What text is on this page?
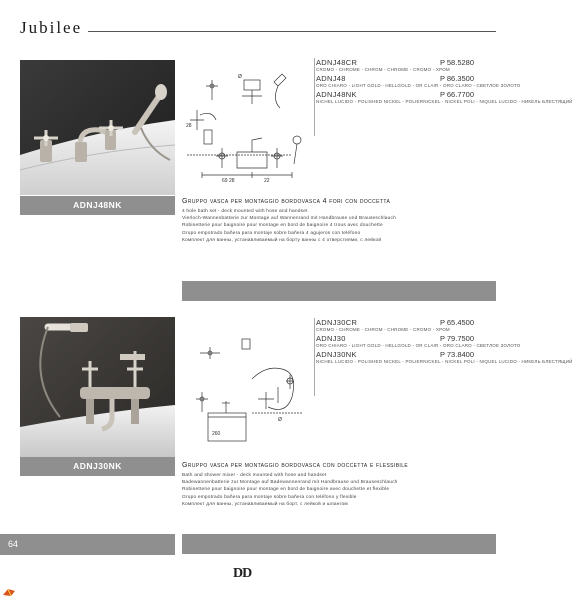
Jubilee
ADNJ48NK
Ø
28
69 28	22
ADNJ48CR	P 58.5280
CROMO - CHROME - CHROM - CHROME - CROMO - ХРОМ
ADNJ48	P 86.3500
ORO CHIARO - LIGHT GOLD - HELLGOLD - OR CLAIR - ORO CLARO - СВЕТЛОЕ ЗОЛОТО
ADNJ48NK	P 66.7700
NICHEL LUCIDO - POLISHED NICKEL - POLIERNICKEL - NICKEL POLI - NIQUEL LUCIDO - НИКЕЛЬ БЛЕСТЯЩИЙ
Gruppo vasca per montaggio bordovasca 4 fori con doccetta
4 hole bath set - deck mounted with hose and handset
Vierloch-Wannenbatterie zur Montage auf Wannenrand mit Handbrause und Brauseschlauch
Robinetterie pour baignoire pour montage en bord de baignoire 4 trous avec douchette
Grupo empotrado bañera para montaje sobre bañera 4 agujeros con teléfono
Комплект для ванны, устанавливаемый на борту ванны с 4 отверстиями, с лейкой
ADNJ30NK
260
Ø
ADNJ30CR	P 65.4500
CROMO - CHROME - CHROM - CHROME - CROMO - ХРОМ
ADNJ30	P 79.7500
ORO CHIARO - LIGHT GOLD - HELLGOLD - OR CLAIR - ORO CLARO - СВЕТЛОЕ ЗОЛОТО
ADNJ30NK	P 73.8400
NICHEL LUCIDO - POLISHED NICKEL - POLIERNICKEL - NICKEL POLI - NIQUEL LUCIDO - НИКЕЛЬ БЛЕСТЯЩИЙ
Gruppo vasca per montaggio bordovasca con doccetta e flessibile
Bath and shower mixer - deck mounted with hose and handset
Badewannenbatterie zur Montage auf Badewannenrand mit Handbrause und Brauseschlauch
Robinetterie pour baignoire pour montage en bord de baignoire avec douchette et flexible
Grupo empotrado bañera para montaje sobre bañera con teléfono y flexible
Комплект для ванны, устанавливаемый на борт, с лейкой и шлангом
64
DD
